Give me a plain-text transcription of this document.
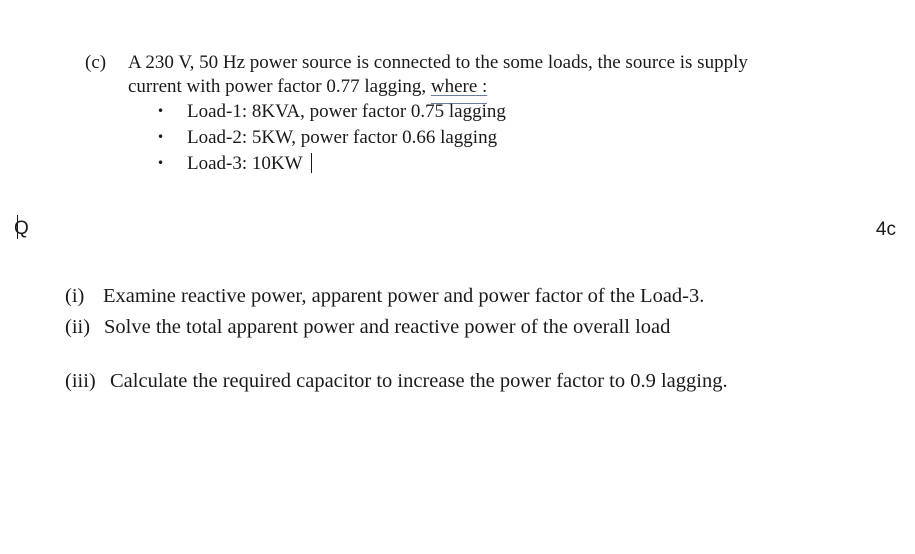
(c) A 230 V, 50 Hz power source is connected to the some loads, the source is supply
current with power factor 0.77 lagging, where :
• Load-1: 8KVA, power factor 0.75 lagging
• Load-2: 5KW, power factor 0.66 lagging
• Load-3: 10KW
Q	4c
(i) Examine reactive power, apparent power and power factor of the Load-3.
(ii) Solve the total apparent power and reactive power of the overall load
(iii) Calculate the required capacitor to increase the power factor to 0.9 lagging.
